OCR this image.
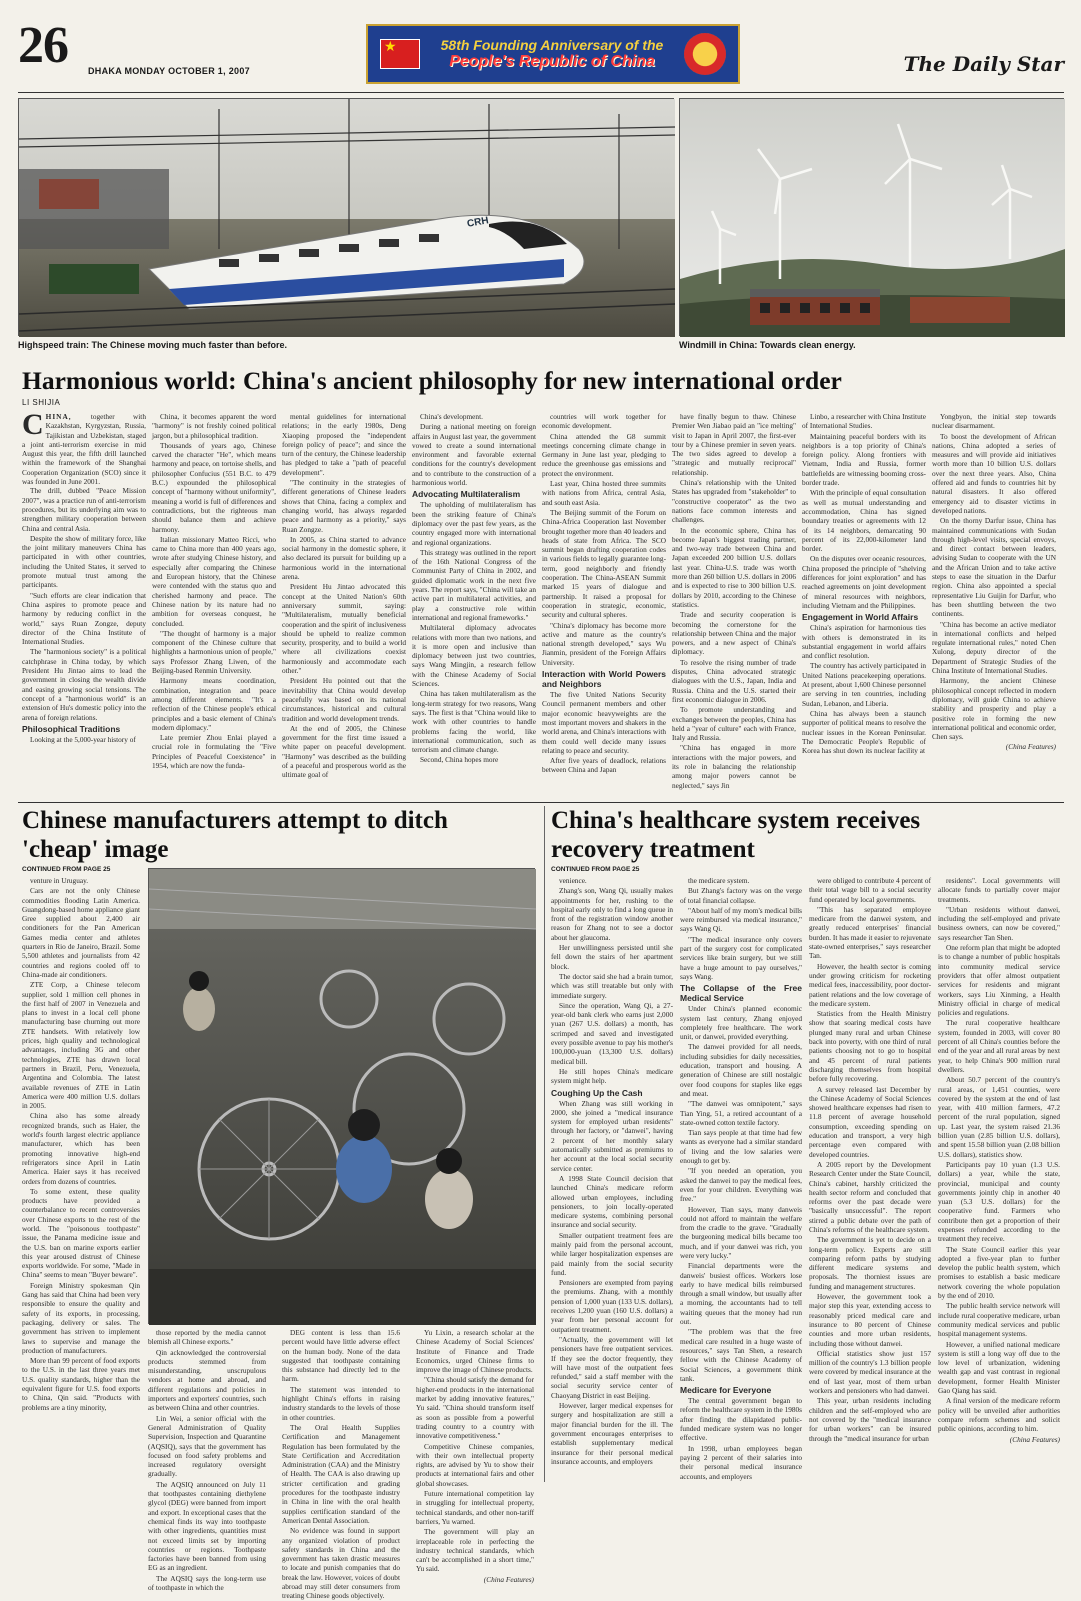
26 DHAKA MONDAY OCTOBER 1, 2007
★	58th Founding Anniversary of the
People's Republic of China	The Daily Star
CRH
Highspeed train: The Chinese moving much faster than before.	Windmill in China: Towards clean energy.
Harmonious world: China's ancient philosophy for new international order
LI SHIJIA
CHINA, together with Kazakhstan, Kyrgyzstan, Russia, Tajikistan and Uzbekistan, staged a joint anti-terrorism exercise in mid August this year, the fifth drill launched within the framework of the Shanghai Cooperation Organization (SCO) since it was founded in June 2001.

The drill, dubbed "Peace Mission 2007", was a practice run of anti-terrorism procedures, but its underlying aim was to strengthen military cooperation between China and central Asia.

Despite the show of military force, like the joint military maneuvers China has participated in with other countries, including the United States, it served to promote mutual trust among the participants.

"Such efforts are clear indication that China aspires to promote peace and harmony by reducing conflict in the world," says Ruan Zongze, deputy director of the China Institute of International Studies.

The "harmonious society" is a political catchphrase in China today, by which President Hu Jintao aims to lead the government in closing the wealth divide and easing growing social tensions. The concept of a "harmonious world" is an extension of Hu's domestic policy into the arena of foreign relations.

Philosophical Traditions

Looking at the 5,000-year history of

China, it becomes apparent the word "harmony" is not freshly coined political jargon, but a philosophical tradition.

Thousands of years ago, Chinese carved the character "He", which means harmony and peace, on tortoise shells, and philosopher Confucius (551 B.C. to 479 B.C.) expounded the philosophical concept of "harmony without uniformity", meaning a world is full of differences and contradictions, but the righteous man should balance them and achieve harmony.

Italian missionary Matteo Ricci, who came to China more than 400 years ago, wrote after studying Chinese history, and especially after comparing the Chinese and European history, that the Chinese were contended with the status quo and cherished harmony and peace. The Chinese nation by its nature had no ambition for overseas conquest, he concluded.

"The thought of harmony is a major component of the Chinese culture that highlights a harmonious union of people," says Professor Zhang Liwen, of the Beijing-based Renmin University.

Harmony means coordination, combination, integration and peace among different elements. "It's a reflection of the Chinese people's ethical principles and a basic element of China's modern diplomacy."

Late premier Zhou Enlai played a crucial role in formulating the "Five Principles of Peaceful Coexistence" in 1954, which are now the funda-

mental guidelines for international relations; in the early 1980s, Deng Xiaoping proposed the "independent foreign policy of peace"; and since the turn of the century, the Chinese leadership has pledged to take a "path of peaceful development".

"The continuity in the strategies of different generations of Chinese leaders shows that China, facing a complex and changing world, has always regarded peace and harmony as a priority," says Ruan Zongze.

In 2005, as China started to advance social harmony in the domestic sphere, it also declared its pursuit for building up a harmonious world in the international arena.

President Hu Jintao advocated this concept at the United Nation's 60th anniversary summit, saying: "Multilateralism, mutually beneficial cooperation and the spirit of inclusiveness should be upheld to realize common security, prosperity, and to build a world where all civilizations coexist harmoniously and accommodate each other."

President Hu pointed out that the inevitability that China would develop peacefully was based on its national circumstances, historical and cultural tradition and world development trends.

At the end of 2005, the Chinese government for the first time issued a white paper on peaceful development. "Harmony" was described as the building of a peaceful and prosperous world as the ultimate goal of

China's development.

During a national meeting on foreign affairs in August last year, the government vowed to create a sound international environment and favorable external conditions for the country's development and to contribute to the construction of a harmonious world.

Advocating Multilateralism

The upholding of multilateralism has been the striking feature of China's diplomacy over the past few years, as the country engaged more with international and regional organizations.

This strategy was outlined in the report of the 16th National Congress of the Communist Party of China in 2002, and guided diplomatic work in the next five years. The report says, "China will take an active part in multilateral activities, and play a constructive role within international and regional frameworks."

Multilateral diplomacy advocates relations with more than two nations, and it is more open and inclusive than diplomacy between just two countries, says Wang Mingjin, a research fellow with the Chinese Academy of Social Sciences.

China has taken multilateralism as the long-term strategy for two reasons, Wang says. The first is that "China would like to work with other countries to handle problems facing the world, like international communication, such as terrorism and climate change.

Second, China hopes more

countries will work together for economic development.

China attended the G8 summit meetings concerning climate change in Germany in June last year, pledging to reduce the greenhouse gas emissions and protect the environment.

Last year, China hosted three summits with nations from Africa, central Asia, and south east Asia.

The Beijing summit of the Forum on China-Africa Cooperation last November brought together more than 40 leaders and heads of state from Africa. The SCO summit began drafting cooperation codes in various fields to legally guarantee long-term, good neighborly and friendly cooperation. The China-ASEAN Summit marked 15 years of dialogue and partnership. It raised a proposal for cooperation in strategic, economic, security and cultural spheres.

"China's diplomacy has become more active and mature as the country's national strength developed," says Wu Jianmin, president of the Foreign Affairs University.

Interaction with World Powers and Neighbors

The five United Nations Security Council permanent members and other major economic heavyweights are the most important movers and shakers in the world arena, and China's interactions with them could well decide many issues relating to peace and security.

After five years of deadlock, relations between China and Japan

have finally begun to thaw. Chinese Premier Wen Jiabao paid an "ice melting" visit to Japan in April 2007, the first-ever tour by a Chinese premier in seven years. The two sides agreed to develop a "strategic and mutually reciprocal" relationship.

China's relationship with the United States has upgraded from "stakeholder" to "constructive cooperator" as the two nations face common interests and challenges.

In the economic sphere, China has become Japan's biggest trading partner, and two-way trade between China and Japan exceeded 200 billion U.S. dollars last year. China-U.S. trade was worth more than 260 billion U.S. dollars in 2006 and is expected to rise to 300 billion U.S. dollars by 2010, according to the Chinese statistics.

Trade and security cooperation is becoming the cornerstone for the relationship between China and the major powers, and a new aspect of China's diplomacy.

To resolve the rising number of trade disputes, China advocated strategic dialogues with the U.S., Japan, India and Russia. China and the U.S. started their first economic dialogue in 2006.

To promote understanding and exchanges between the peoples, China has held a "year of culture" each with France, Italy and Russia.

"China has engaged in more interactions with the major powers, and its role in balancing the relationship among major powers cannot be neglected," says Jin

Linbo, a researcher with China Institute of International Studies.

Maintaining peaceful borders with its neighbors is a top priority of China's foreign policy. Along frontiers with Vietnam, India and Russia, former battlefields are witnessing booming cross-border trade.

With the principle of equal consultation as well as mutual understanding and accommodation, China has signed boundary treaties or agreements with 12 of its 14 neighbors, demarcating 90 percent of its 22,000-kilometer land border.

On the disputes over oceanic resources, China proposed the principle of "shelving differences for joint exploration" and has reached agreements on joint development of mineral resources with neighbors, including Vietnam and the Philippines.

Engagement in World Affairs

China's aspiration for harmonious ties with others is demonstrated in its substantial engagement in world affairs and conflict resolution.

The country has actively participated in United Nations peacekeeping operations. At present, about 1,600 Chinese personnel are serving in ten countries, including Sudan, Lebanon, and Liberia.

China has always been a staunch supporter of political means to resolve the nuclear issues in the Korean Peninsular. The Democratic People's Republic of Korea has shut down its nuclear facility at

Yongbyon, the initial step towards nuclear disarmament.

To boost the development of African nations, China adopted a series of measures and will provide aid initiatives worth more than 10 billion U.S. dollars over the next three years. Also, China offered aid and funds to countries hit by natural disasters. It also offered emergency aid to disaster victims in developed nations.

On the thorny Darfur issue, China has maintained communications with Sudan through high-level visits, special envoys, and direct contact between leaders, advising Sudan to cooperate with the UN and the African Union and to take active steps to ease the situation in the Darfur region. China also appointed a special representative Liu Guijin for Darfur, who has been shuttling between the two continents.

"China has become an active mediator in international conflicts and helped regulate international rules," noted Chen Xulong, deputy director of the Department of Strategic Studies of the China Institute of International Studies.

Harmony, the ancient Chinese philosophical concept reflected in modern diplomacy, will guide China to achieve stability and prosperity and play a positive role in forming the new international political and economic order, Chen says.

(China Features)

Chinese manufacturers attempt to ditch
'cheap' image
CONTINUED FROM PAGE 25

venture in Uruguay.

Cars are not the only Chinese commodities flooding Latin America. Guangdong-based home appliance giant Gree supplied about 2,400 air conditioners for the Pan American Games media center and athletes quarters in Rio de Janeiro, Brazil. Some 5,500 athletes and journalists from 42 countries and regions cooled off to China-made air conditioners.

ZTE Corp, a Chinese telecom supplier, sold 1 million cell phones in the first half of 2007 in Venezuela and plans to invest in a local cell phone manufacturing base churning out more ZTE handsets. With relatively low prices, high quality and technological advantages, including 3G and other technologies, ZTE has drawn local partners in Brazil, Peru, Venezuela, Argentina and Colombia. The latest available revenues of ZTE in Latin America were 400 million U.S. dollars in 2005.

China also has some already recognized brands, such as Haier, the world's fourth largest electric appliance manufacturer, which has been promoting innovative high-end refrigerators since April in Latin America. Haier says it has received orders from dozens of countries.

To some extent, these quality products have provided a counterbalance to recent controversies over Chinese exports to the rest of the world. The "poisonous toothpaste" issue, the Panama medicine issue and the U.S. ban on marine exports earlier this year aroused distrust of Chinese exports worldwide. For some, "Made in China" seems to mean "Buyer beware".

Foreign Ministry spokesman Qin Gang has said that China had been very responsible to ensure the quality and safety of its exports, in processing, packaging, delivery or sales. The government has striven to implement laws to supervise and manage the production of manufacturers.

More than 99 percent of food exports to the U.S. in the last three years met U.S. quality standards, higher than the equivalent figure for U.S. food exports to China, Qin said. "Products with problems are a tiny minority,

those reported by the media cannot blemish all Chinese exports."

Qin acknowledged the controversial products stemmed from misunderstanding, unscrupulous vendors at home and abroad, and different regulations and policies in importers and exporters' countries, such as between China and other countries.

Lin Wei, a senior official with the General Administration of Quality Supervision, Inspection and Quarantine (AQSIQ), says that the government has focused on food safety problems and increased regulatory oversight gradually.

The AQSIQ announced on July 11 that toothpastes containing diethylene glycol (DEG) were banned from import and export. In exceptional cases that the chemical finds its way into toothpaste with other ingredients, quantities must not exceed limits set by importing countries or regions. Toothpaste factories have been banned from using EG as an ingredient.

The AQSIQ says the long-term use of toothpaste in which the

DEG content is less than 15.6 percent would have little adverse effect on the human body. None of the data suggested that toothpaste containing this substance had directly led to the harm.

The statement was intended to highlight China's efforts in raising industry standards to the levels of those in other countries.

The Oral Health Supplies Certification and Management Regulation has been formulated by the State Certification and Accreditation Administration (CAA) and the Ministry of Health. The CAA is also drawing up stricter certification and grading procedures for the toothpaste industry in China in line with the oral health supplies certification standard of the American Dental Association.

No evidence was found in support any organized violation of product safety standards in China and the government has taken drastic measures to locate and punish companies that do break the law. However, voices of doubt abroad may still deter consumers from treating Chinese goods objectively.

Yu Lixin, a research scholar at the Chinese Academy of Social Sciences' Institute of Finance and Trade Economics, urged Chinese firms to improve the image of Chinese products.

"China should satisfy the demand for higher-end products in the international market by adding innovative features," Yu said. "China should transform itself as soon as possible from a powerful trading country to a country with innovative competitiveness."

Competitive Chinese companies, with their own intellectual property rights, are advised by Yu to show their products at international fairs and other global showcases.

Future international competition lay in struggling for intellectual property, technical standards, and other non-tariff barriers, Yu warned.

The government will play an irreplaceable role in perfecting the industry technical standards, which can't be accomplished in a short time," Yu said.

(China Features)

China's healthcare system receives
recovery treatment
CONTINUED FROM PAGE 25

venience.

Zhang's son, Wang Qi, usually makes appointments for her, rushing to the hospital early only to find a long queue in front of the registration window another reason for Zhang not to see a doctor about her glaucoma.

Her unwillingness persisted until she fell down the stairs of her apartment block.

The doctor said she had a brain tumor, which was still treatable but only with immediate surgery.

Since the operation, Wang Qi, a 27-year-old bank clerk who earns just 2,000 yuan (267 U.S. dollars) a month, has scrimped and saved and investigated every possible avenue to pay his mother's 100,000-yuan (13,300 U.S. dollars) medical bill.

He still hopes China's medicare system might help.

Coughing Up the Cash

When Zhang was still working in 2000, she joined a "medical insurance system for employed urban residents" through her factory, or "danwei", having 2 percent of her monthly salary automatically submitted as premiums to her account at the local social security service center.

A 1998 State Council decision that launched China's medicare reform allowed urban employees, including pensioners, to join locally-operated medicare systems, combining personal insurance and social security.

Smaller outpatient treatment fees are mainly paid from the personal account, while larger hospitalization expenses are paid mainly from the social security fund.

Pensioners are exempted from paying the premiums. Zhang, with a monthly pension of 1,000 yuan (133 U.S. dollars), receives 1,200 yuan (160 U.S. dollars) a year from her personal account for outpatient treatment.

"Actually, the government will let pensioners have free outpatient services. If they see the doctor frequently, they will have most of the outpatient fees refunded," said a staff member with the social security service center of Chaoyang District in east Beijing.

However, larger medical expenses for surgery and hospitalization are still a major financial burden for the ill. The government encourages enterprises to establish supplementary medical insurance for their personal medical insurance accounts, and employers

the medicare system.

But Zhang's factory was on the verge of total financial collapse.

"About half of my mom's medical bills were reimbursed via medical insurance," says Wang Qi.

"The medical insurance only covers part of the surgery cost for complicated services like brain surgery, but we still have a huge amount to pay ourselves," says Wang.

The Collapse of the Free Medical Service

Under China's planned economic system last century, Zhang enjoyed completely free healthcare. The work unit, or danwei, provided everything.

The danwei provided for all needs, including subsidies for daily necessities, education, transport and housing. A generation of Chinese are still nostalgic over food coupons for staples like eggs and meat.

"The danwei was omnipotent," says Tian Ying, 51, a retired accountant of a state-owned cotton textile factory.

Tian says people at that time had few wants as everyone had a similar standard of living and the low salaries were enough to get by.

"If you needed an operation, you asked the danwei to pay the medical fees, even for your children. Everything was free."

However, Tian says, many danweis could not afford to maintain the welfare from the cradle to the grave. "Gradually the burgeoning medical bills became too much, and if your danwei was rich, you were very lucky."

Financial departments were the danweis' busiest offices. Workers lose early to have medical bills reimbursed through a small window, but usually after a morning, the accountants had to tell waiting queues that the money had run out.

"The problem was that the free medical care resulted in a huge waste of resources," says Tan Shen, a research fellow with the Chinese Academy of Social Sciences, a government think tank.

Medicare for Everyone

The central government began to reform the healthcare system in the 1980s after finding the dilapidated public-funded medicare system was no longer effective.

In 1998, urban employees began paying 2 percent of their salaries into their personal medical insurance accounts, and employers

were obliged to contribute 4 percent of their total wage bill to a social security fund operated by local governments.

"This has separated employee medicare from the danwei system, and greatly reduced enterprises' financial burden. It has made it easier to rejuvenate state-owned enterprises," says researcher Tan.

However, the health sector is coming under growing criticism for rocketing medical fees, inaccessibility, poor doctor-patient relations and the low coverage of the medicare system.

Statistics from the Health Ministry show that soaring medical costs have plunged many rural and urban Chinese back into poverty, with one third of rural patients choosing not to go to hospital and 45 percent of rural patients discharging themselves from hospital before fully recovering.

A survey released last December by the Chinese Academy of Social Sciences showed healthcare expenses had risen to 11.8 percent of average household consumption, exceeding spending on education and transport, a very high percentage even compared with developed countries.

A 2005 report by the Development Research Center under the State Council, China's cabinet, harshly criticized the health sector reform and concluded that reforms over the past decade were "basically unsuccessful". The report stirred a public debate over the path of China's reforms of the healthcare system.

The government is yet to decide on a long-term policy. Experts are still comparing reform paths by studying different medicare systems and proposals. The thorniest issues are funding and management structures.

However, the government took a major step this year, extending access to reasonably priced medical care and insurance to 80 percent of Chinese counties and more urban residents, including those without danwei.

Official statistics show just 157 million of the country's 1.3 billion people were covered by medical insurance at the end of last year, most of them urban workers and pensioners who had danwei.

This year, urban residents including children and the self-employed who are not covered by the "medical insurance for urban workers" can be insured through the "medical insurance for urban

residents". Local governments will allocate funds to partially cover major treatments.

"Urban residents without danwei, including the self-employed and private business owners, can now be covered," says researcher Tan Shen.

One reform plan that might be adopted is to change a number of public hospitals into community medical service providers that offer almost outpatient services for residents and migrant workers, says Liu Xinming, a Health Ministry official in charge of medical policies and regulations.

The rural cooperative healthcare system, founded in 2003, will cover 80 percent of all China's counties before the end of the year and all rural areas by next year, to help China's 900 million rural dwellers.

About 50.7 percent of the country's rural areas, or 1,451 counties, were covered by the system at the end of last year, with 410 million farmers, 47.2 percent of the rural population, signed up. Last year, the system raised 21.36 billion yuan (2.85 billion U.S. dollars), and spent 15.58 billion yuan (2.08 billion U.S. dollars), statistics show.

Participants pay 10 yuan (1.3 U.S. dollars) a year, while the state, provincial, municipal and county governments jointly chip in another 40 yuan (5.3 U.S. dollars) for the cooperative fund. Farmers who contribute then get a proportion of their expenses refunded according to the treatment they receive.

The State Council earlier this year adopted a five-year plan to further develop the public health system, which promises to establish a basic medicare network covering the whole population by the end of 2010.

The public health service network will include rural cooperative medicare, urban community medical services and public hospital management systems.

However, a unified national medicare system is still a long way off due to the low level of urbanization, widening wealth gap and vast contrast in regional development, former Health Minister Gao Qiang has said.

A final version of the medicare reform policy will be unveiled after authorities compare reform schemes and solicit public opinions, according to him.

(China Features)
